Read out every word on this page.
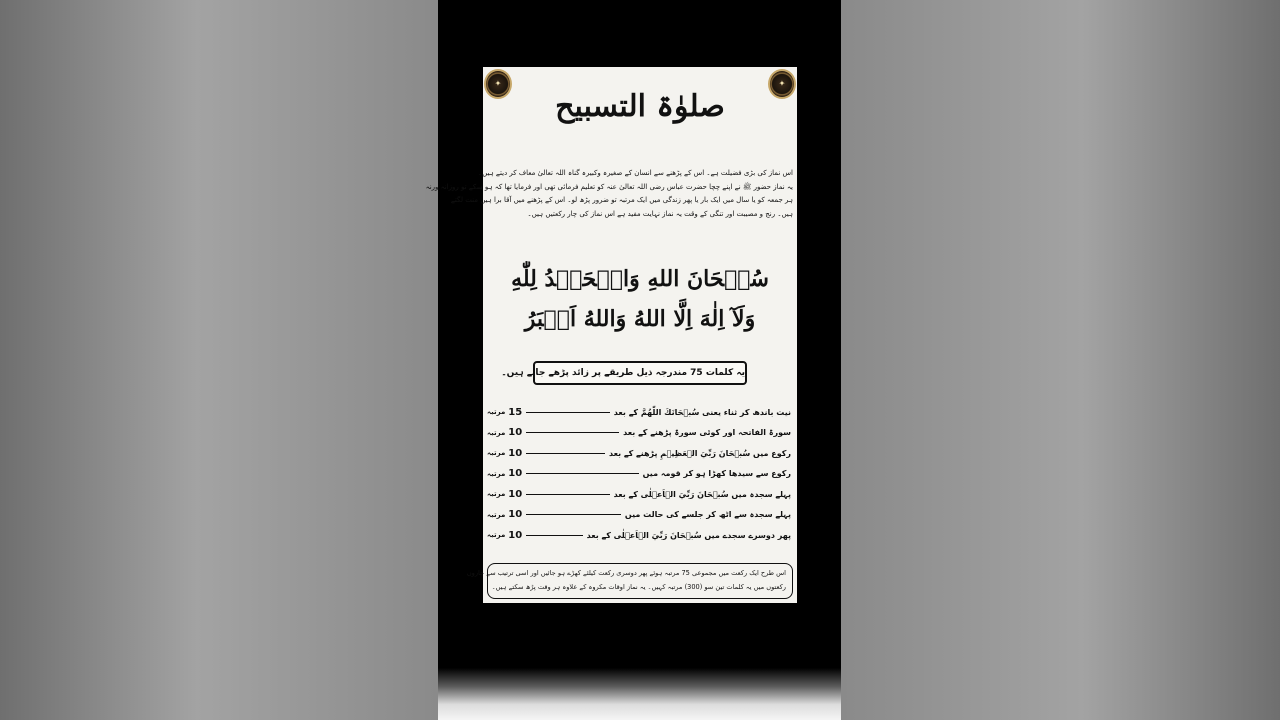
✦	✦
صلوٰۃ التسبیح

اس نماز کی بڑی فضیلت ہے۔ اس کے پڑھنے سے انسان کے صغیرہ وکبیرہ گناہ اللہ تعالیٰ معاف کر دیتے ہیں۔

یہ نماز حضور ﷺ نے اپنے چچا حضرت عباس رضی اللہ تعالیٰ عنہ کو تعلیم فرمائی تھی اور فرمایا تھا کہ ہو سکے تو روزانہ ورنہ

ہر جمعہ کو یا سال میں ایک بار یا پھر زندگی میں ایک مرتبہ تو ضرور پڑھ لو۔ اس کے پڑھنے میں آقا برا ہیں منت لگتے

ہیں۔ رنج و مصیبت اور تنگی کے وقت یہ نماز نہایت مفید ہے اس نماز کی چار رکعتیں ہیں۔

سُبۡحَانَ اللهِ وَالۡحَمۡدُ لِلّٰهِ
وَلَآ اِلٰهَ اِلَّا اللهُ وَاللهُ اَكۡبَرُ
یہ کلمات 75 مندرجہ ذیل طریقے پر زائد پڑھے جاتے ہیں۔
نیت باندھ کر ثناء یعنی سُبۡحَانَكَ اللّٰهُمَّ کے بعد
15
مرتبہ
سورۃ الفاتحہ اور کوئی سورۃ پڑھنے کے بعد
10
مرتبہ
رکوع میں سُبۡحَانَ رَبِّيَ الۡعَظِيۡمِ پڑھنے کے بعد
10
مرتبہ
رکوع سے سیدھا کھڑا ہو کر قومہ میں
10
مرتبہ
پہلے سجدہ میں سُبۡحَانَ رَبِّيَ الۡاَعۡلٰى کے بعد
10
مرتبہ
پہلے سجدہ سے اٹھ کر جلسے کی حالت میں
10
مرتبہ
پھر دوسرے سجدے میں سُبۡحَانَ رَبِّيَ الۡاَعۡلٰى کے بعد
10
مرتبہ

اس طرح ایک رکعت میں مجموعی 75 مرتبہ ہوئے پھر دوسری رکعت کیلئے کھڑے ہو جائیں اور اسی ترتیب سے چاروں

رکعتوں میں یہ کلمات تین سو (300) مرتبہ کہیں۔ یہ نماز اوقات مکروہ کے علاوہ ہر وقت پڑھ سکتے ہیں۔
